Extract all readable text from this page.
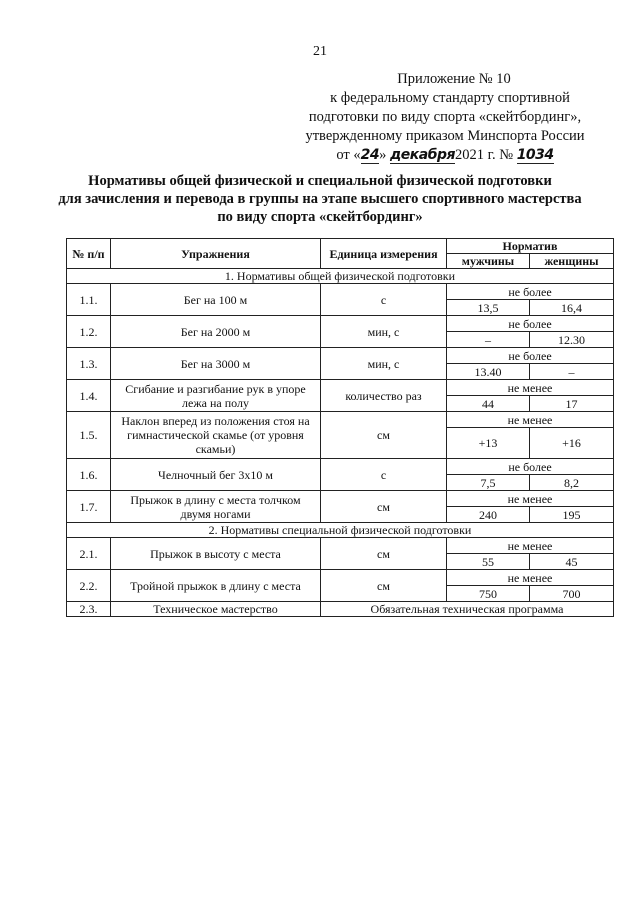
21
Приложение № 10
к федеральному стандарту спортивной
подготовки по виду спорта «скейтбординг»,
утвержденному приказом Минспорта России
от «24» декабря2021 г. № 1034
Нормативы общей физической и специальной физической подготовки
для зачисления и перевода в группы на этапе высшего спортивного мастерства
по виду спорта «скейтбординг»
№ п/п	Упражнения	Единица измерения	Норматив	
			мужчины	женщины
1. Нормативы общей физической подготовки				
1.1.	Бег на 100 м	с	не более	
			13,5	16,4
1.2.	Бег на 2000 м	мин, с	не более	
			–	12.30
1.3.	Бег на 3000 м	мин, с	не более	
			13.40	–
1.4.	Сгибание и разгибание рук в упоре лежа на полу	количество раз	не менее	
			44	17
1.5.	Наклон вперед из положения стоя на гимнастической скамье (от уровня скамьи)	см	не менее	
			+13	+16
1.6.	Челночный бег 3х10 м	с	не более	
			7,5	8,2
1.7.	Прыжок в длину с места толчком двумя ногами	см	не менее	
			240	195
2. Нормативы специальной физической подготовки				
2.1.	Прыжок в высоту с места	см	не менее	
			55	45
2.2.	Тройной прыжок в длину с места	см	не менее	
			750	700
2.3.	Техническое мастерство	Обязательная техническая программа		
